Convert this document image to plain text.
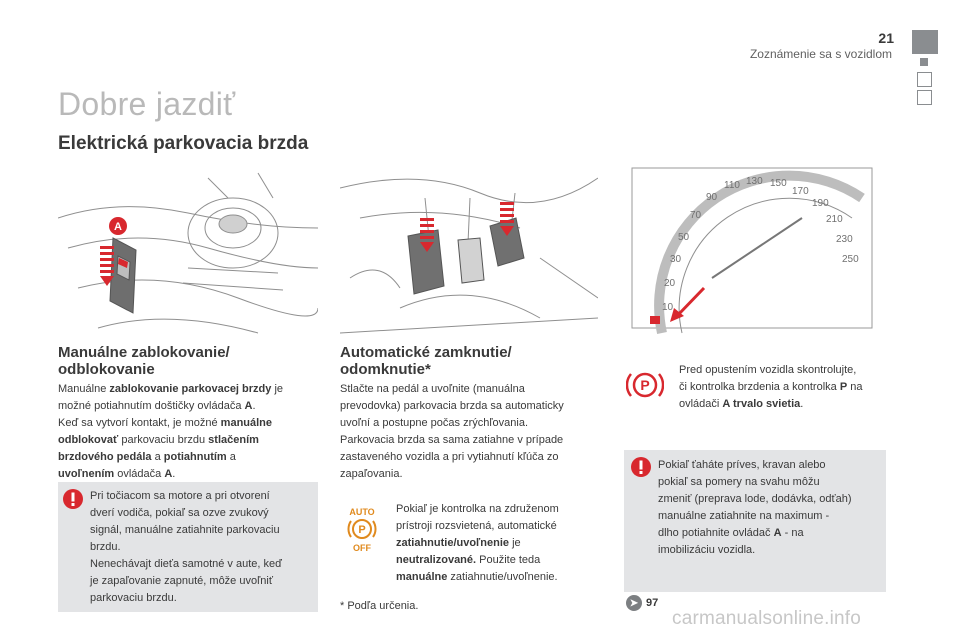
21
Zoznámenie sa s vozidlom
Dobre jazdiť
Elektrická parkovacia brzda
A
10
20
30
50
70
90
110 130 150
170
190
210
230
250
Manuálne zablokovanie/
odblokovanie
Manuálne zablokovanie parkovacej brzdy je
možné potiahnutím doštičky ovládača A.
Keď sa vytvorí kontakt, je možné manuálne
odblokovať parkovaciu brzdu stlačením
brzdového pedála a potiahnutím a
uvoľnením ovládača A.
Pri točiacom sa motore a pri otvorení
dverí vodiča, pokiaľ sa ozve zvukový
signál, manuálne zatiahnite parkovaciu
brzdu.
Nenechávajt dieťa samotné v aute, keď
je zapaľovanie zapnuté, môže uvoľniť
parkovaciu brzdu.
Automatické zamknutie/
odomknutie*
Stlačte na pedál a uvoľnite (manuálna
prevodovka) parkovacia brzda sa automaticky
uvoľní a postupne počas zrýchľovania.
Parkovacia brzda sa sama zatiahne v prípade
zastaveného vozidla a pri vytiahnutí kľúča zo
zapaľovania.
AUTO
P
OFF
Pokiaľ je kontrolka na združenom
prístroji rozsvietená, automatické
zatiahnutie/uvoľnenie je
neutralizované. Použite teda
manuálne zatiahnutie/uvoľnenie.
* Podľa určenia.
P
Pred opustením vozidla skontrolujte,
či kontrolka brzdenia a kontrolka P na
ovládači A trvalo svietia.
Pokiaľ ťaháte príves, kravan alebo
pokiaľ sa pomery na svahu môžu
zmeniť (preprava lode, dodávka, odťah)
manuálne zatiahnite na maximum -
dlho potiahnite ovládač A - na
imobilizáciu vozidla.
➤ 97
carmanualsonline.info
